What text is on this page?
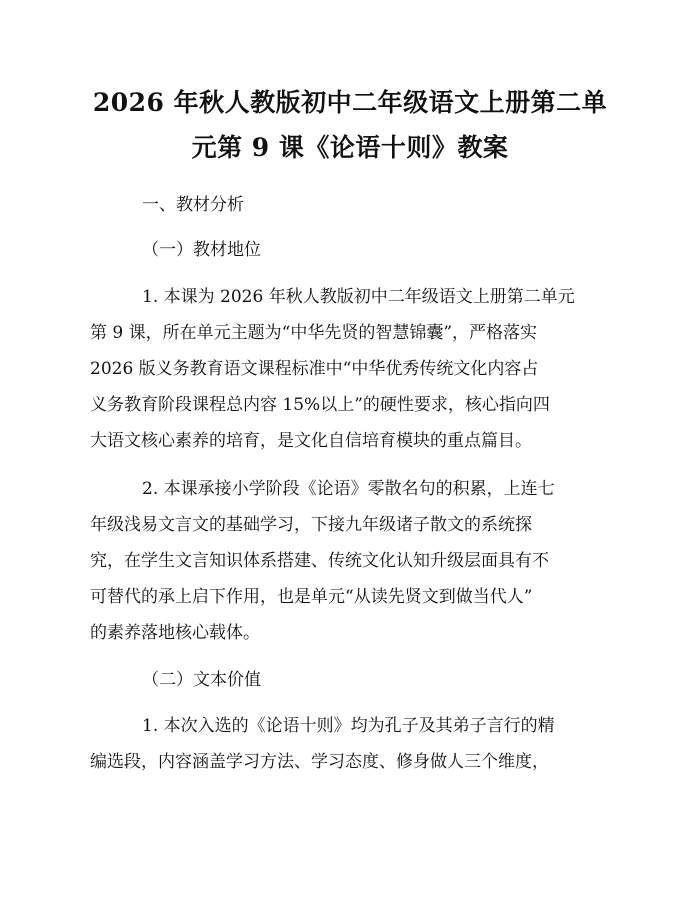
2026 年秋人教版初中二年级语文上册第二单
元第 9 课《论语十则》教案
一、教材分析
（一）教材地位
1. 本课为 2026 年秋人教版初中二年级语文上册第二单元
第 9 课，所在单元主题为“中华先贤的智慧锦囊”，严格落实
2026 版义务教育语文课程标准中“中华优秀传统文化内容占
义务教育阶段课程总内容 15%以上”的硬性要求，核心指向四
大语文核心素养的培育，是文化自信培育模块的重点篇目。
2. 本课承接小学阶段《论语》零散名句的积累，上连七
年级浅易文言文的基础学习，下接九年级诸子散文的系统探
究，在学生文言知识体系搭建、传统文化认知升级层面具有不
可替代的承上启下作用，也是单元“从读先贤文到做当代人”
的素养落地核心载体。
（二）文本价值
1. 本次入选的《论语十则》均为孔子及其弟子言行的精
编选段，内容涵盖学习方法、学习态度、修身做人三个维度，
